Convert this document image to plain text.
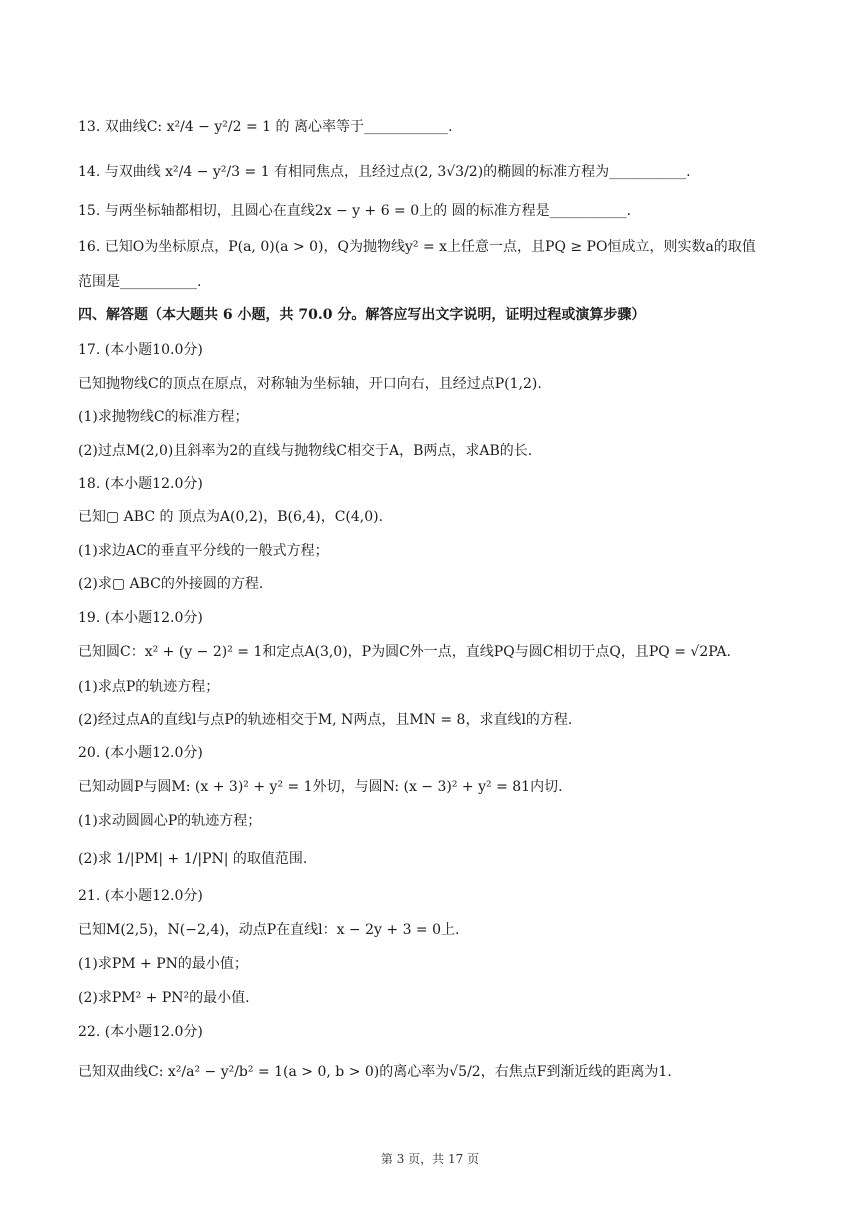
13. 双曲线C: x²/4 − y²/2 = 1 的 离心率等于____________.
14. 与双曲线 x²/4 − y²/3 = 1 有相同焦点，且经过点(2, 3√3/2)的椭圆的标准方程为___________.
15. 与两坐标轴都相切，且圆心在直线2x − y + 6 = 0上的 圆的标准方程是___________.
16. 已知O为坐标原点，P(a, 0)(a > 0)，Q为抛物线y² = x上任意一点，且PQ ≥ PO恒成立，则实数a的取值
范围是___________.
四、解答题（本大题共 6 小题，共 70.0 分。解答应写出文字说明，证明过程或演算步骤）
17. (本小题10.0分)
已知抛物线C的顶点在原点，对称轴为坐标轴，开口向右，且经过点P(1,2).
(1)求抛物线C的标准方程；
(2)过点M(2,0)且斜率为2的直线与抛物线C相交于A，B两点，求AB的长.
18. (本小题12.0分)
已知▢ ABC 的 顶点为A(0,2)，B(6,4)，C(4,0).
(1)求边AC的垂直平分线的一般式方程；
(2)求▢ ABC的外接圆的方程.
19. (本小题12.0分)
已知圆C：x² + (y − 2)² = 1和定点A(3,0)，P为圆C外一点，直线PQ与圆C相切于点Q，且PQ = √2PA.
(1)求点P的轨迹方程；
(2)经过点A的直线l与点P的轨迹相交于M, N两点，且MN = 8，求直线l的方程.
20. (本小题12.0分)
已知动圆P与圆M: (x + 3)² + y² = 1外切，与圆N: (x − 3)² + y² = 81内切.
(1)求动圆圆心P的轨迹方程；
(2)求 1/|PM| + 1/|PN| 的取值范围.
21. (本小题12.0分)
已知M(2,5)，N(−2,4)，动点P在直线l：x − 2y + 3 = 0上.
(1)求PM + PN的最小值；
(2)求PM² + PN²的最小值.
22. (本小题12.0分)
已知双曲线C: x²/a² − y²/b² = 1(a > 0, b > 0)的离心率为√5/2，右焦点F到渐近线的距离为1.
第 3 页，共 17 页
